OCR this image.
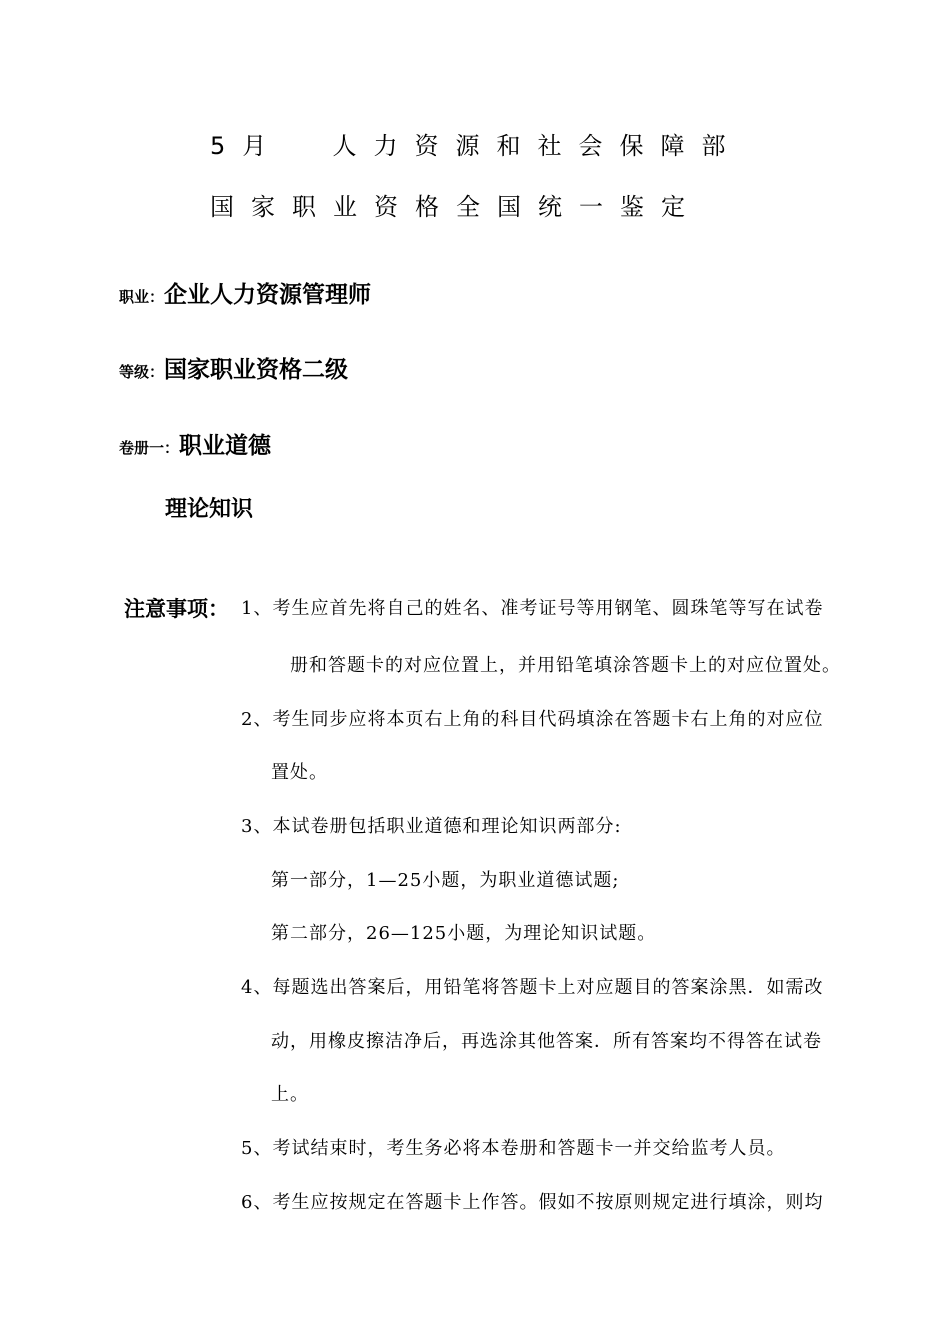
5月  人力资源和社会保障部
国家职业资格全国统一鉴定
职业：企业人力资源管理师
等级：国家职业资格二级
卷册一：职业道德
理论知识
注意事项： 1、考生应首先将自己的姓名、准考证号等用钢笔、圆珠笔等写在试卷
册和答题卡的对应位置上，并用铅笔填涂答题卡上的对应位置处。
2、考生同步应将本页右上角的科目代码填涂在答题卡右上角的对应位
置处。
3、本试卷册包括职业道德和理论知识两部分:
第一部分，1—25小题，为职业道德试题;
第二部分，26—125小题，为理论知识试题。
4、每题选出答案后，用铅笔将答题卡上对应题目的答案涂黑．如需改
动，用橡皮擦洁净后，再选涂其他答案．所有答案均不得答在试卷
上。
5、考试结束时，考生务必将本卷册和答题卡一并交给监考人员。
6、考生应按规定在答题卡上作答。假如不按原则规定进行填涂，则均
